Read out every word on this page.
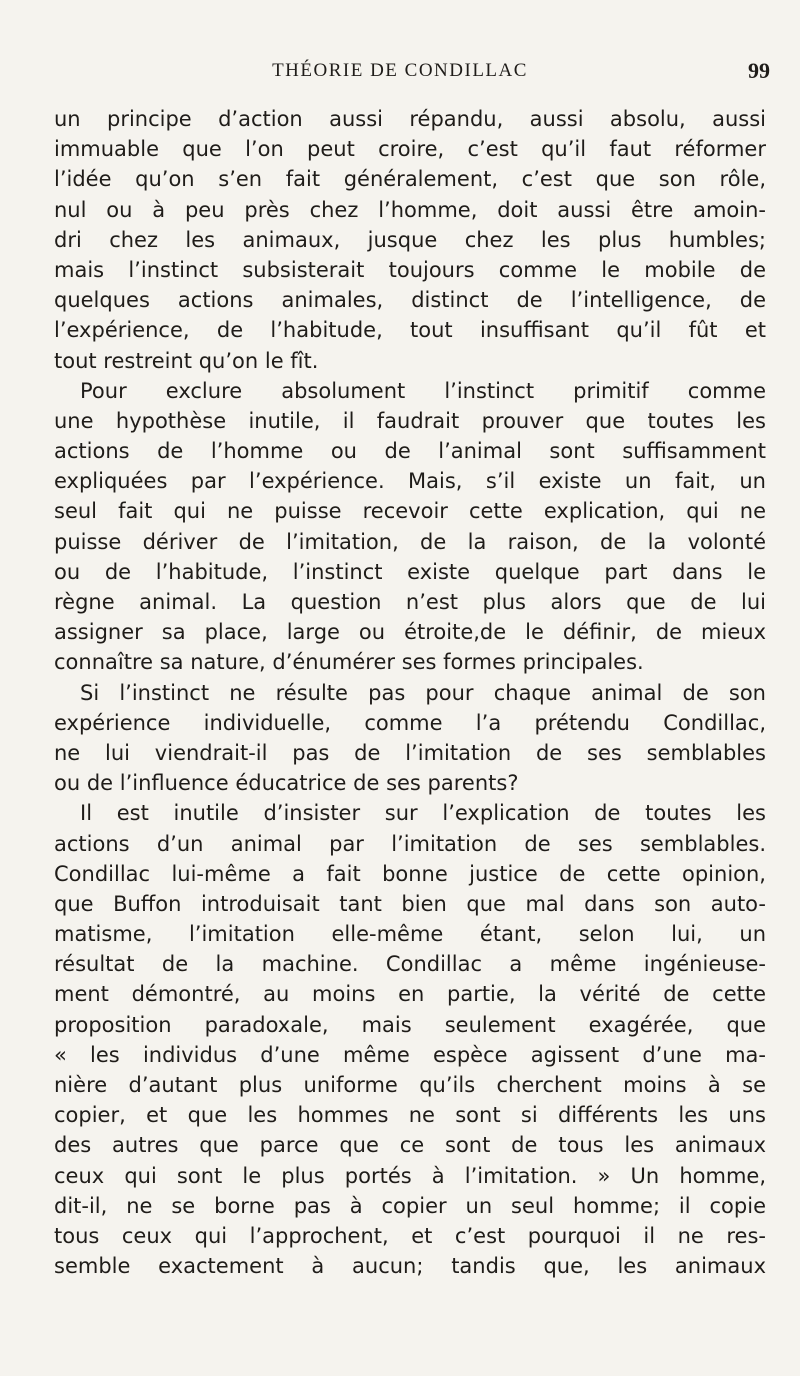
THÉORIE DE CONDILLAC	99
un principe d’action aussi répandu, aussi absolu, aussi
immuable que l’on peut croire, c’est qu’il faut réformer
l’idée qu’on s’en fait généralement, c’est que son rôle,
nul ou à peu près chez l’homme, doit aussi être amoin-
dri chez les animaux, jusque chez les plus humbles;
mais l’instinct subsisterait toujours comme le mobile de
quelques actions animales, distinct de l’intelligence, de
l’expérience, de l’habitude, tout insuffisant qu’il fût et
tout restreint qu’on le fît.
Pour exclure absolument l’instinct primitif comme
une hypothèse inutile, il faudrait prouver que toutes les
actions de l’homme ou de l’animal sont suffisamment
expliquées par l’expérience. Mais, s’il existe un fait, un
seul fait qui ne puisse recevoir cette explication, qui ne
puisse dériver de l’imitation, de la raison, de la volonté
ou de l’habitude, l’instinct existe quelque part dans le
règne animal. La question n’est plus alors que de lui
assigner sa place, large ou étroite,de le définir, de mieux
connaître sa nature, d’énumérer ses formes principales.
Si l’instinct ne résulte pas pour chaque animal de son
expérience individuelle, comme l’a prétendu Condillac,
ne lui viendrait-il pas de l’imitation de ses semblables
ou de l’influence éducatrice de ses parents?
Il est inutile d’insister sur l’explication de toutes les
actions d’un animal par l’imitation de ses semblables.
Condillac lui-même a fait bonne justice de cette opinion,
que Buffon introduisait tant bien que mal dans son auto-
matisme, l’imitation elle-même étant, selon lui, un
résultat de la machine. Condillac a même ingénieuse-
ment démontré, au moins en partie, la vérité de cette
proposition paradoxale, mais seulement exagérée, que
« les individus d’une même espèce agissent d’une ma-
nière d’autant plus uniforme qu’ils cherchent moins à se
copier, et que les hommes ne sont si différents les uns
des autres que parce que ce sont de tous les animaux
ceux qui sont le plus portés à l’imitation. » Un homme,
dit-il, ne se borne pas à copier un seul homme; il copie
tous ceux qui l’approchent, et c’est pourquoi il ne res-
semble exactement à aucun; tandis que, les animaux
